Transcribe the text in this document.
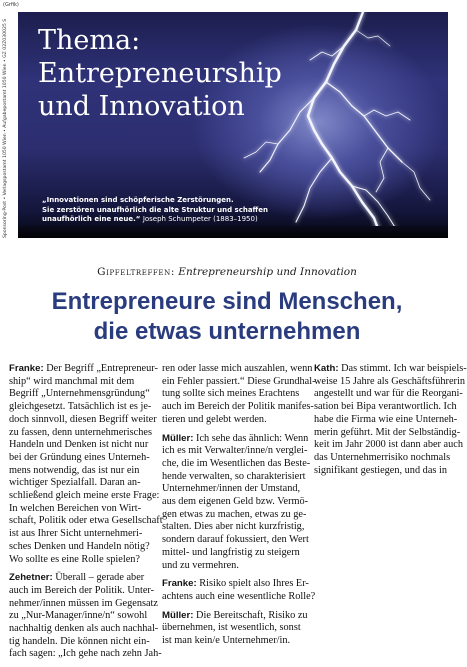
(Grfik)
Sponsoring-Post • Verlagspostamt 1050 Wien • Aufgabepostamt 1050 Wien • GZ 02Z030025 S Thema:
Entrepreneurship
und Innovation
„Innovationen sind schöpferische Zerstörungen.
Sie zerstören unaufhörlich die alte Struktur und schaffen
unaufhörlich eine neue.“ Joseph Schumpeter (1883–1950)
Gipfeltreffen: Entrepreneurship und Innovation
Entrepreneure sind Menschen,
die etwas unternehmen

Franke: Der Begriff „Entrepreneur-
ship“ wird manchmal mit dem
Begriff „Unternehmensgründung“
gleichgesetzt. Tatsächlich ist es je-
doch sinnvoll, diesen Begriff weiter
zu fassen, denn unternehmerisches
Handeln und Denken ist nicht nur
bei der Gründung eines Unterneh-
mens notwendig, das ist nur ein
wichtiger Spezialfall. Daran an-
schließend gleich meine erste Frage:
In welchen Bereichen von Wirt-
schaft, Politik oder etwa Gesellschaft
ist aus Ihrer Sicht unternehmeri-
sches Denken und Handeln nötig?
Wo sollte es eine Rolle spielen?

Zehetner: Überall – gerade aber
auch im Bereich der Politik. Unter-
nehmer/innen müssen im Gegensatz
zu „Nur-Manager/inne/n“ sowohl
nachhaltig denken als auch nachhal-
tig handeln. Die können nicht ein-
fach sagen: „Ich gehe nach zehn Jah-

ren oder lasse mich auszahlen, wenn
ein Fehler passiert.“ Diese Grundhal-
tung sollte sich meines Erachtens
auch im Bereich der Politik manifes-
tieren und gelebt werden.

Müller: Ich sehe das ähnlich: Wenn
ich es mit Verwalter/inne/n verglei-
che, die im Wesentlichen das Beste-
hende verwalten, so charakterisiert
Unternehmer/innen der Umstand,
aus dem eigenen Geld bzw. Vermö-
gen etwas zu machen, etwas zu ge-
stalten. Dies aber nicht kurzfristig,
sondern darauf fokussiert, den Wert
mittel- und langfristig zu steigern
und zu vermehren.

Franke: Risiko spielt also Ihres Er-
achtens auch eine wesentliche Rolle?

Müller: Die Bereitschaft, Risiko zu
übernehmen, ist wesentlich, sonst
ist man kein/e Unternehmer/in.

Kath: Das stimmt. Ich war beispiels-
weise 15 Jahre als Geschäftsführerin
angestellt und war für die Reorgani-
sation bei Bipa verantwortlich. Ich
habe die Firma wie eine Unterneh-
merin geführt. Mit der Selbständig-
keit im Jahr 2000 ist dann aber auch
das Unternehmerrisiko nochmals
signifikant gestiegen, und das in
